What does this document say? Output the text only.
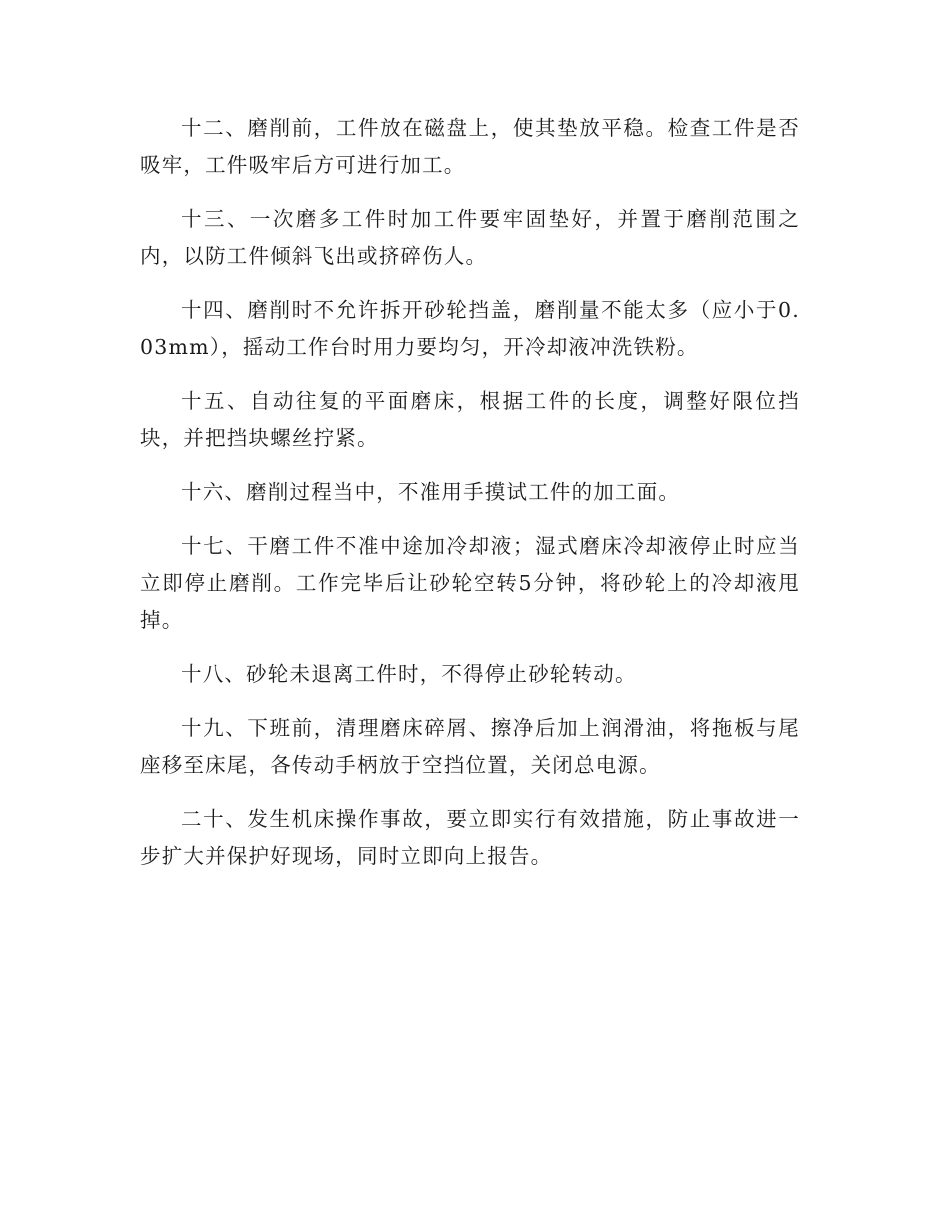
十二、磨削前，工件放在磁盘上，使其垫放平稳。检查工件是否吸牢，工件吸牢后方可进行加工。

十三、一次磨多工件时加工件要牢固垫好，并置于磨削范围之内，以防工件倾斜飞出或挤碎伤人。

十四、磨削时不允许拆开砂轮挡盖，磨削量不能太多（应小于0.03mm），摇动工作台时用力要均匀，开冷却液冲洗铁粉。

十五、自动往复的平面磨床，根据工件的长度，调整好限位挡块，并把挡块螺丝拧紧。

十六、磨削过程当中，不准用手摸试工件的加工面。

十七、干磨工件不准中途加冷却液；湿式磨床冷却液停止时应当立即停止磨削。工作完毕后让砂轮空转5分钟，将砂轮上的冷却液甩掉。

十八、砂轮未退离工件时，不得停止砂轮转动。

十九、下班前，清理磨床碎屑、擦净后加上润滑油，将拖板与尾座移至床尾，各传动手柄放于空挡位置，关闭总电源。

二十、发生机床操作事故，要立即实行有效措施，防止事故进一步扩大并保护好现场，同时立即向上报告。
